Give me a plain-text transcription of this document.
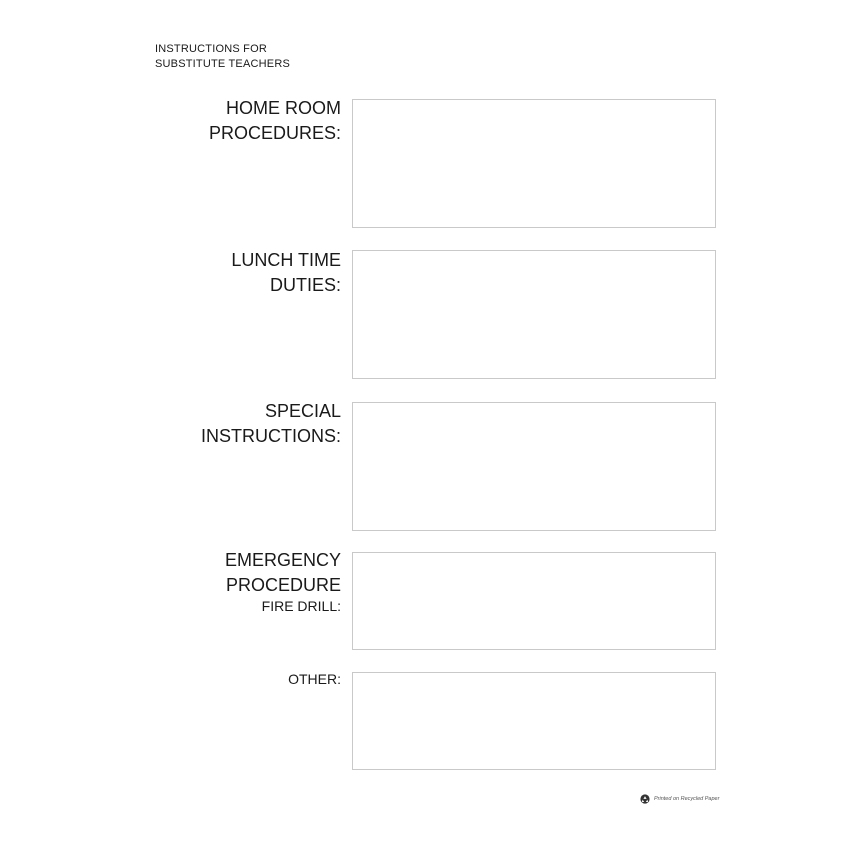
INSTRUCTIONS FOR
SUBSTITUTE TEACHERS
HOME ROOM
PROCEDURES:
LUNCH TIME
DUTIES:
SPECIAL
INSTRUCTIONS:
EMERGENCY
PROCEDURE
FIRE DRILL:
OTHER:
Printed on Recycled Paper
